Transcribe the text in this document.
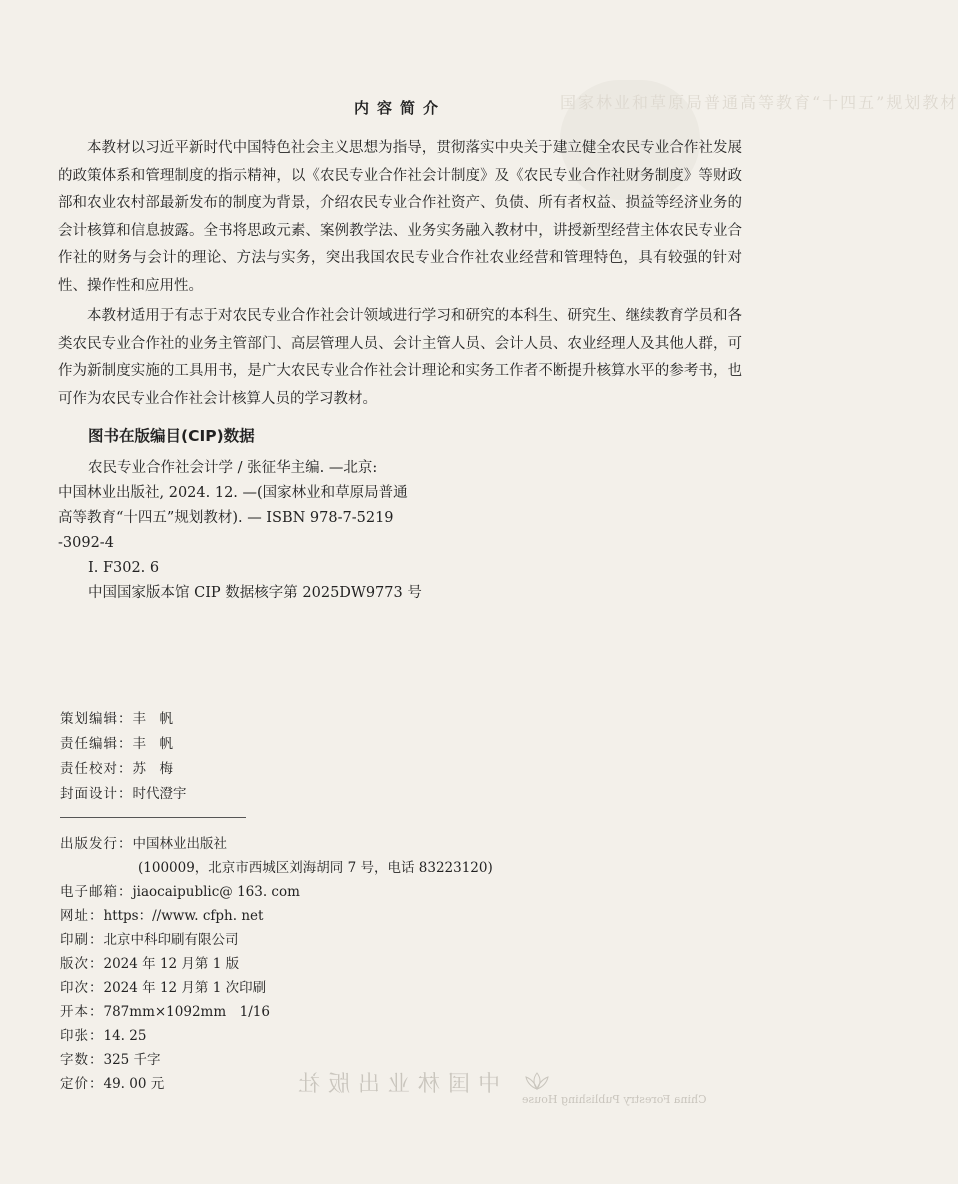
国家林业和草原局普通高等教育“十四五”规划教材
内容简介

本教材以习近平新时代中国特色社会主义思想为指导，贯彻落实中央关于建立健全农民专业合作社发展的政策体系和管理制度的指示精神，以《农民专业合作社会计制度》及《农民专业合作社财务制度》等财政部和农业农村部最新发布的制度为背景，介绍农民专业合作社资产、负债、所有者权益、损益等经济业务的会计核算和信息披露。全书将思政元素、案例教学法、业务实务融入教材中，讲授新型经营主体农民专业合作社的财务与会计的理论、方法与实务，突出我国农民专业合作社农业经营和管理特色，具有较强的针对性、操作性和应用性。

本教材适用于有志于对农民专业合作社会计领域进行学习和研究的本科生、研究生、继续教育学员和各类农民专业合作社的业务主管部门、高层管理人员、会计主管人员、会计人员、农业经理人及其他人群，可作为新制度实施的工具用书，是广大农民专业合作社会计理论和实务工作者不断提升核算水平的参考书，也可作为农民专业合作社会计核算人员的学习教材。

图书在版编目(CIP)数据
农民专业合作社会计学 / 张征华主编. —北京:
中国林业出版社, 2024. 12. —(国家林业和草原局普通
高等教育“十四五”规划教材). — ISBN 978-7-5219
-3092-4
Ⅰ. F302. 6
中国国家版本馆 CIP 数据核字第 2025DW9773 号
策划编辑：丰　帆
责任编辑：丰　帆
责任校对：苏　梅
封面设计：时代澄宇
出版发行：中国林业出版社
(100009，北京市西城区刘海胡同 7 号，电话 83223120)
电子邮箱：jiaocaipublic@ 163. com
网址：https：//www. cfph. net
印刷：北京中科印刷有限公司
版次：2024 年 12 月第 1 版
印次：2024 年 12 月第 1 次印刷
开本：787mm×1092mm　1/16
印张：14. 25
字数：325 千字
定价：49. 00 元	中国林业出版社
China Forestry Publishing House
